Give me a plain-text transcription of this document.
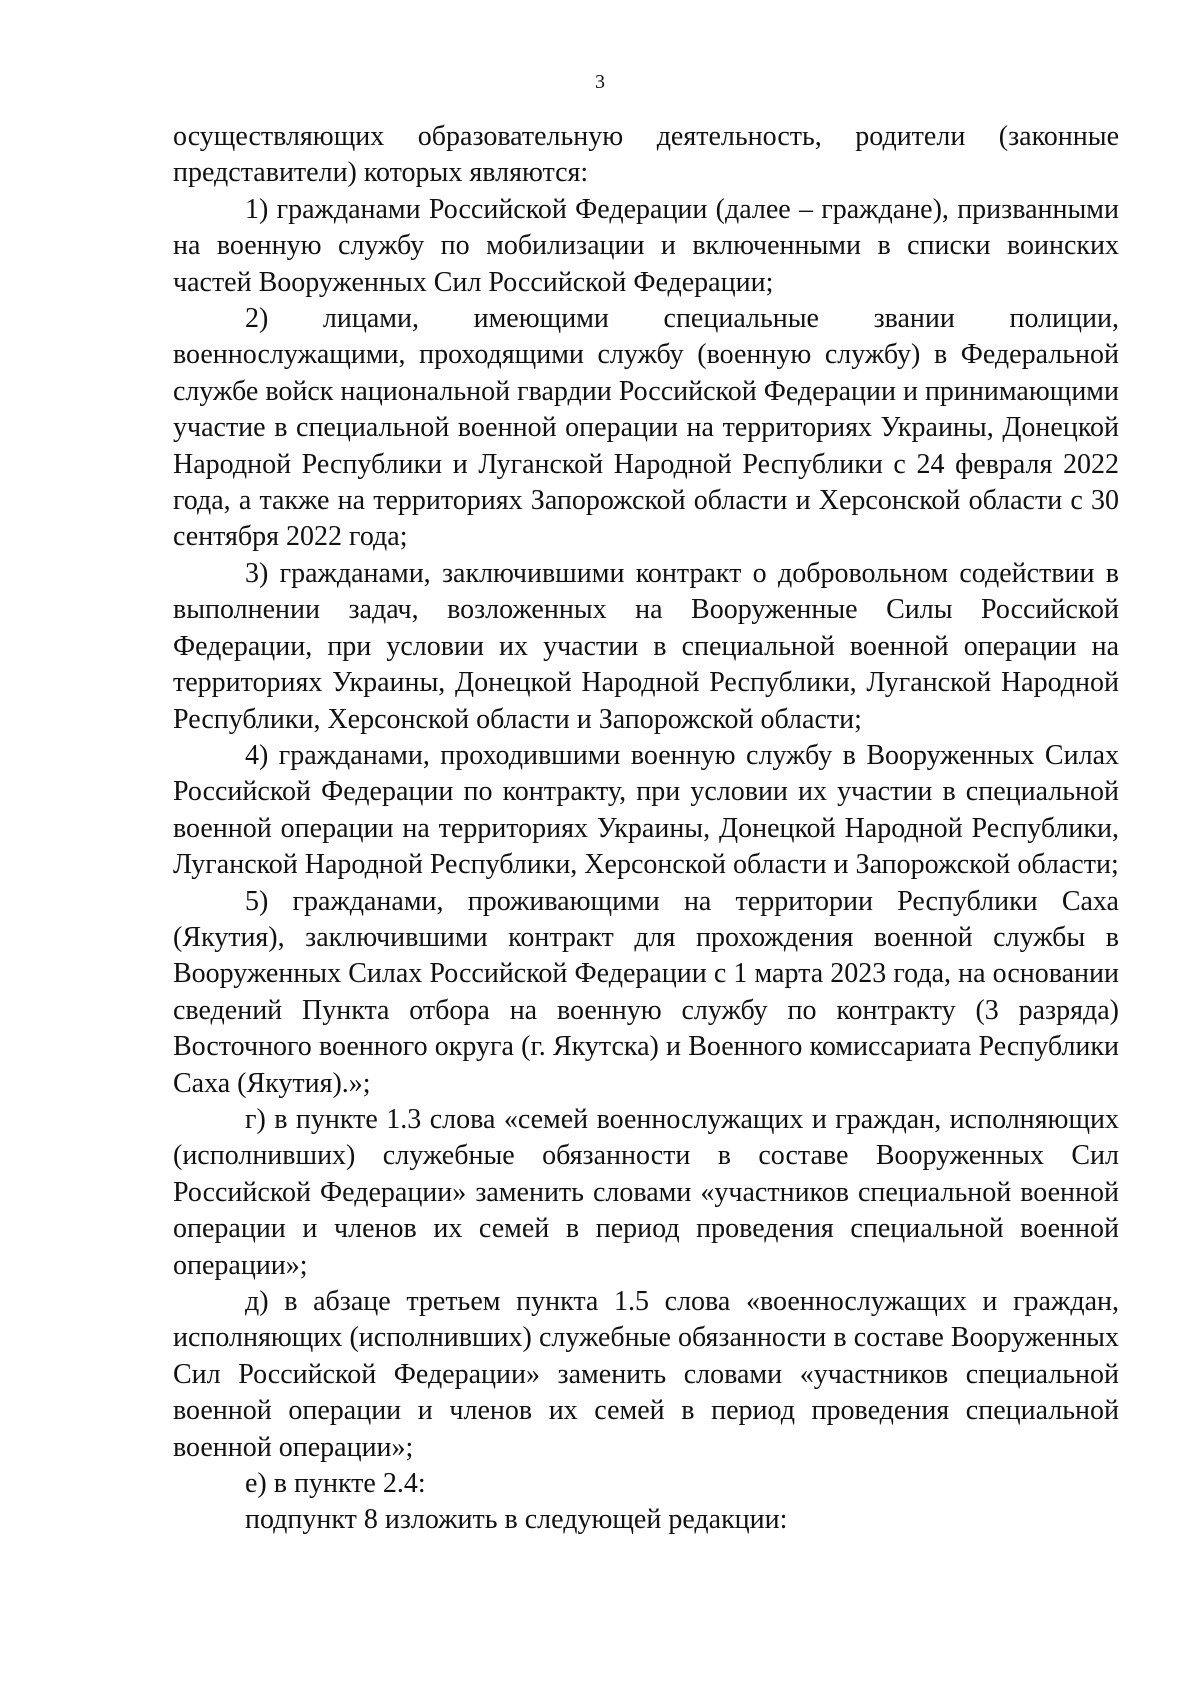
3

осуществляющих образовательную деятельность, родители (законные представители) которых являются:

1) гражданами Российской Федерации (далее – граждане), призванными на военную службу по мобилизации и включенными в списки воинских частей Вооруженных Сил Российской Федерации;

2) лицами, имеющими специальные звании полиции, военнослужащими, проходящими службу (военную службу) в Федеральной службе войск национальной гвардии Российской Федерации и принимающими участие в специальной военной операции на территориях Украины, Донецкой Народной Республики и Луганской Народной Республики с 24 февраля 2022 года, а также на территориях Запорожской области и Херсонской области с 30 сентября 2022 года;

3) гражданами, заключившими контракт о добровольном содействии в выполнении задач, возложенных на Вооруженные Силы Российской Федерации, при условии их участии в специальной военной операции на территориях Украины, Донецкой Народной Республики, Луганской Народной Республики, Херсонской области и Запорожской области;

4) гражданами, проходившими военную службу в Вооруженных Силах Российской Федерации по контракту, при условии их участии в специальной военной операции на территориях Украины, Донецкой Народной Республики, Луганской Народной Республики, Херсонской области и Запорожской области;

5) гражданами, проживающими на территории Республики Саха (Якутия), заключившими контракт для прохождения военной службы в Вооруженных Силах Российской Федерации с 1 марта 2023 года, на основании сведений Пункта отбора на военную службу по контракту (3 разряда) Восточного военного округа (г. Якутска) и Военного комиссариата Республики Саха (Якутия).»;

г) в пункте 1.3 слова «семей военнослужащих и граждан, исполняющих (исполнивших) служебные обязанности в составе Вооруженных Сил Российской Федерации» заменить словами «участников специальной военной операции и членов их семей в период проведения специальной военной операции»;

д) в абзаце третьем пункта 1.5 слова «военнослужащих и граждан, исполняющих (исполнивших) служебные обязанности в составе Вооруженных Сил Российской Федерации» заменить словами «участников специальной военной операции и членов их семей в период проведения специальной военной операции»;

е) в пункте 2.4:

подпункт 8 изложить в следующей редакции:
